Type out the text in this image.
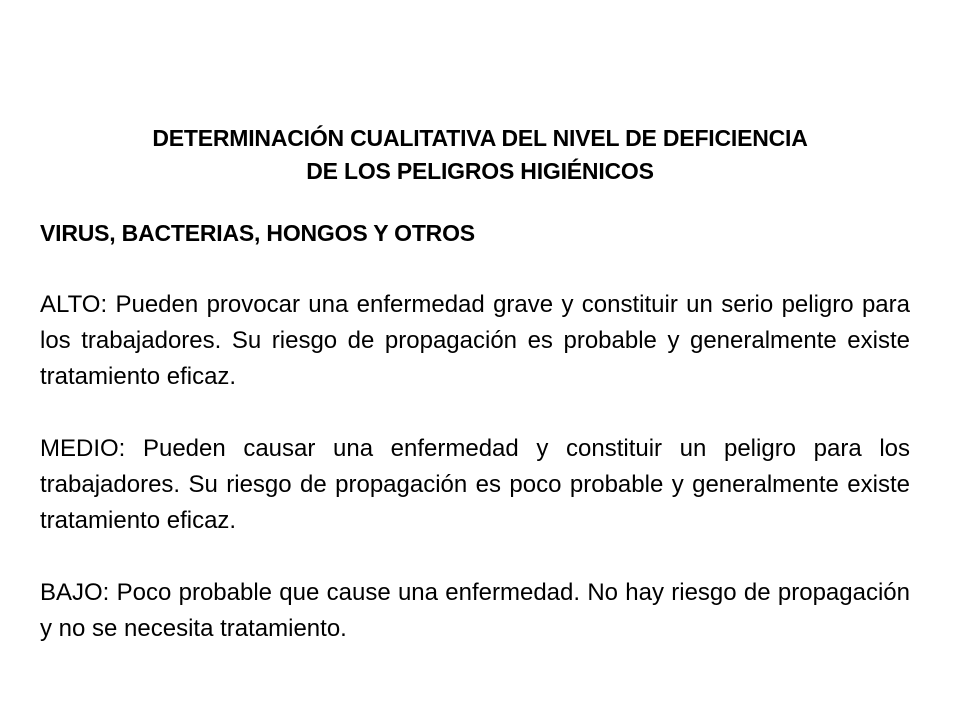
DETERMINACIÓN CUALITATIVA DEL NIVEL DE DEFICIENCIA
DE LOS PELIGROS HIGIÉNICOS

VIRUS, BACTERIAS, HONGOS Y OTROS

ALTO: Pueden provocar una enfermedad grave y constituir un serio peligro para los trabajadores. Su riesgo de propagación es probable y generalmente existe tratamiento eficaz.

MEDIO: Pueden causar una enfermedad y constituir un peligro para los trabajadores. Su riesgo de propagación es poco probable y generalmente existe tratamiento eficaz.

BAJO: Poco probable que cause una enfermedad. No hay riesgo de propagación y no se necesita tratamiento.
